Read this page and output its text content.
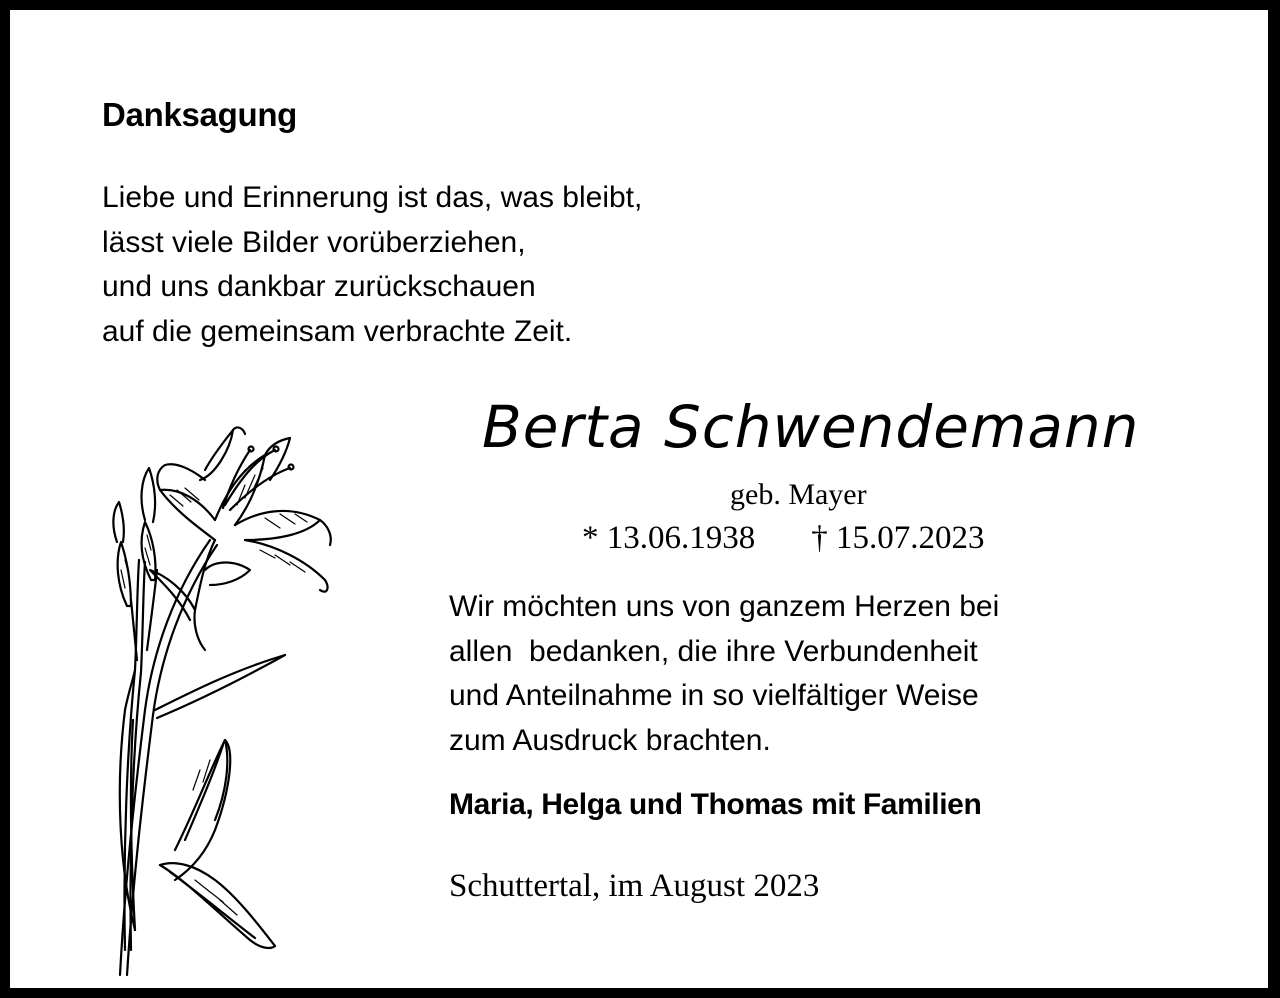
Danksagung
Liebe und Erinnerung ist das, was bleibt,
lässt viele Bilder vorüberziehen,
und uns dankbar zurückschauen
auf die gemeinsam verbrachte Zeit.
Berta Schwendemann
geb. Mayer
* 13.06.1938 † 15.07.2023
Wir möchten uns von ganzem Herzen bei
allen  bedanken, die ihre Verbundenheit
und Anteilnahme in so vielfältiger Weise
zum Ausdruck brachten.
Maria, Helga und Thomas mit Familien
Schuttertal, im August 2023
